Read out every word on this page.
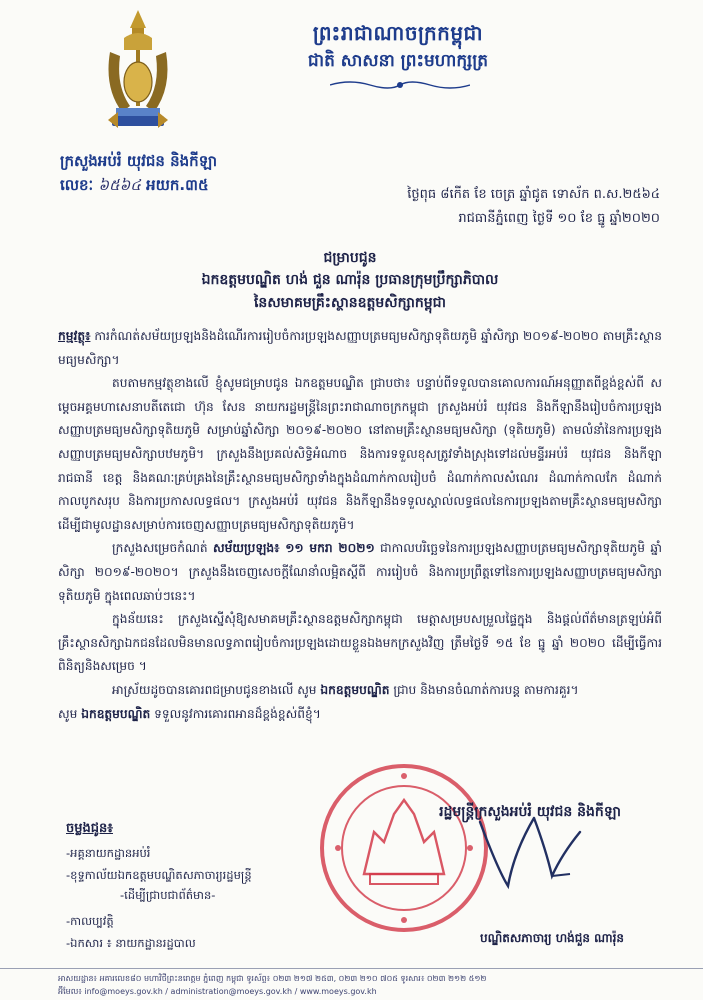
ព្រះរាជាណាចក្រកម្ពុជា
ជាតិ សាសនា ព្រះមហាក្សត្រ
ក្រសួងអប់រំ យុវជន និងកីឡា
លេខៈ ៦៥៦៤ អយក.៣៥
ថ្ងៃពុធ ៨កើត ខែ ចេត្រ ឆ្នាំជូត ទោស័ក ព.ស.២៥៦៤
រាជធានីភ្នំពេញ ថ្ងៃទី ១០ ខែ ធ្នូ ឆ្នាំ២០២០
ជម្រាបជូន
ឯកឧត្តមបណ្ឌិត ហង់ ជួន ណារ៉ុន ប្រធានក្រុមប្រឹក្សាភិបាល
នៃសមាគមគ្រឹះស្ថានឧត្តមសិក្សាកម្ពុជា

កម្មវត្ថុ៖ ការកំណត់សម័យប្រឡងនិងដំណើរការរៀបចំការប្រឡងសញ្ញាបត្រមធ្យមសិក្សាទុតិយភូមិ ឆ្នាំសិក្សា ២០១៩-២០២០ តាមគ្រឹះស្ថានមធ្យមសិក្សា។

តបតាមកម្មវត្ថុខាងលើ ខ្ញុំសូមជម្រាបជូន ឯកឧត្តមបណ្ឌិត ជ្រាបថា៖ បន្ទាប់ពីទទួលបានគោលការណ៍អនុញ្ញាតពីខ្ពង់ខ្ពស់ពី សម្តេចអគ្គមហាសេនាបតីតេជោ ហ៊ុន សែន នាយករដ្ឋមន្ត្រីនៃព្រះរាជាណាចក្រកម្ពុជា ក្រសួងអប់រំ យុវជន និងកីឡានឹងរៀបចំការប្រឡងសញ្ញាបត្រមធ្យមសិក្សាទុតិយភូមិ សម្រាប់ឆ្នាំសិក្សា ២០១៩-២០២០ នៅតាមគ្រឹះស្ថានមធ្យមសិក្សា (ទុតិយភូមិ) តាមលំនាំនៃការប្រឡងសញ្ញាបត្រមធ្យមសិក្សាបឋមភូមិ។ ក្រសួងនឹងប្រគល់សិទ្ធិអំណាច និងការទទួលខុសត្រូវទាំងស្រុងទៅដល់មន្ទីរអប់រំ យុវជន និងកីឡារាជធានី ខេត្ត និងគណៈគ្រប់គ្រងនៃគ្រឹះស្ថានមធ្យមសិក្សាទាំងក្នុងដំណាក់កាលរៀបចំ ដំណាក់កាលសំណេរ ដំណាក់កាលកែ ដំណាក់កាលបូកសរុប និងការប្រកាសលទ្ធផល។ ក្រសួងអប់រំ យុវជន និងកីឡានឹងទទួលស្គាល់លទ្ធផលនៃការប្រឡងតាមគ្រឹះស្ថានមធ្យមសិក្សា ដើម្បីជាមូលដ្ឋានសម្រាប់ការចេញសញ្ញាបត្រមធ្យមសិក្សាទុតិយភូមិ។

ក្រសួងសម្រេចកំណត់ សម័យប្រឡង៖ ១១ មករា ២០២១ ជាកាលបរិច្ឆេទនៃការប្រឡងសញ្ញាបត្រមធ្យមសិក្សាទុតិយភូមិ ឆ្នាំសិក្សា ២០១៩-២០២០។ ក្រសួងនឹងចេញសេចក្តីណែនាំលម្អិតស្តីពី ការរៀបចំ និងការប្រព្រឹត្តទៅនៃការប្រឡងសញ្ញាបត្រមធ្យមសិក្សាទុតិយភូមិ ក្នុងពេលឆាប់ៗនេះ។

ក្នុងន័យនេះ ក្រសួងស្នើសុំឱ្យសមាគមគ្រឹះស្ថានឧត្តមសិក្សាកម្ពុជា មេត្តាសម្របសម្រួលផ្ទៃក្នុង និងផ្តល់ព័ត៌មានត្រឡប់អំពី គ្រឹះស្ថានសិក្សាឯកជនដែលមិនមានលទ្ធភាពរៀបចំការប្រឡងដោយខ្លួនឯងមកក្រសួងវិញ ត្រឹមថ្ងៃទី ១៥ ខែ ធ្នូ ឆ្នាំ ២០២០ ដើម្បីធ្វើការពិនិត្យនិងសម្រេច ។

អាស្រ័យដូចបានគោរពជម្រាបជូនខាងលើ សូម ឯកឧត្តមបណ្ឌិត ជ្រាប និងមានចំណាត់ការបន្ត តាមការគួរ។

សូម ឯកឧត្តមបណ្ឌិត ទទួលនូវការគោរពអានដ៏ខ្ពង់ខ្ពស់ពីខ្ញុំ។

រដ្ឋមន្ត្រីក្រសួងអប់រំ យុវជន និងកីឡា
ចម្លងជូន៖
-អគ្គនាយកដ្ឋានអប់រំ
-ខុទ្ទកាល័យឯកឧត្តមបណ្ឌិតសភាចារ្យរដ្ឋមន្ត្រី
-ដើម្បីជ្រាបជាព័ត៌មាន-
-កាលប្បវត្តិ
-ឯកសារ ៖ នាយកដ្ឋានរដ្ឋបាល	បណ្ឌិតសភាចារ្យ ហង់ជួន ណារ៉ុន
អាសយដ្ឋាន៖ អគារលេខ៨០ មហាវិថីព្រះនរោត្តម ភ្នំពេញ កម្ពុជា ទូរស័ព្ទ៖ ០២៣ ២១៧ ២៥៣, ០២៣ ២១០ ៧០៥ ទូរសារ៖ ០២៣ ២១២ ៥១២
អ៊ីមែល៖ info@moeys.gov.kh / administration@moeys.gov.kh / www.moeys.gov.kh
